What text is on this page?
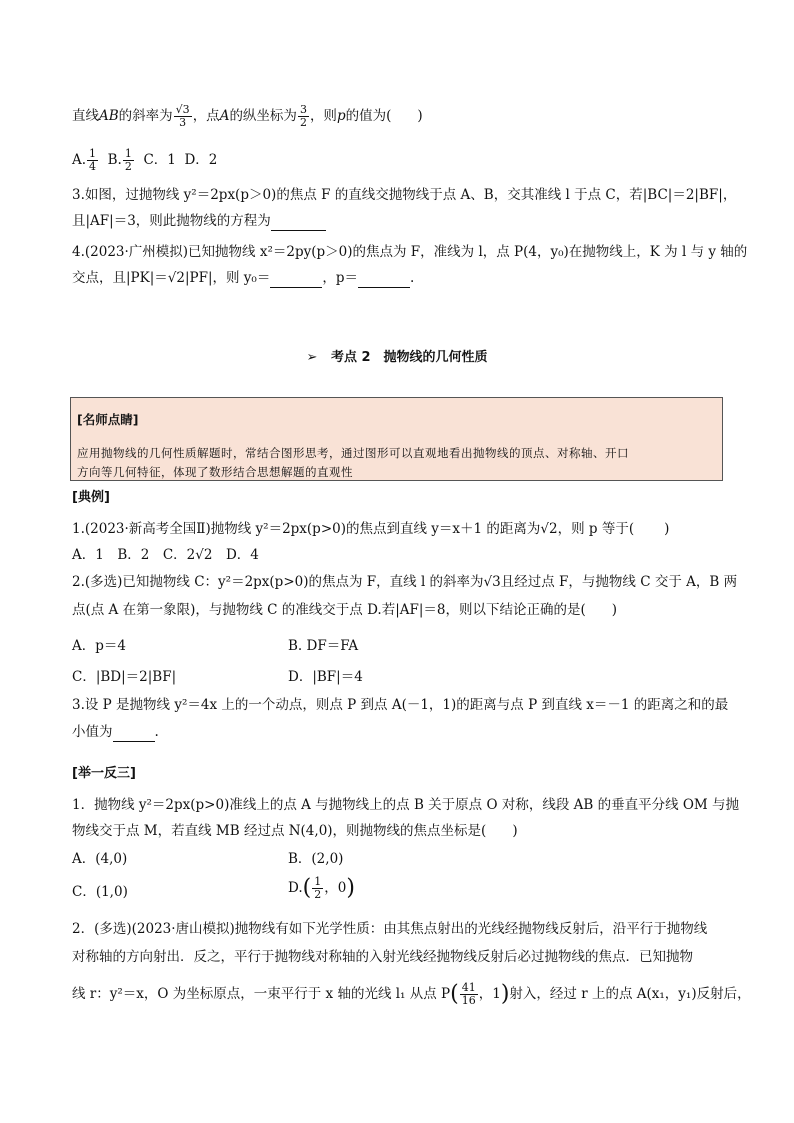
直线AB的斜率为 $\frac{√3}{3}$ ，点A的纵坐标为 $\frac{3}{2}$ ，则p的值为( )
A. $\frac{1}{4} B$. $\frac{1}{2}$ C．1 D．2
3.如图，过抛物线 y²＝2px(p＞0)的焦点 F 的直线交抛物线于点 A、B，交其准线 l 于点 C，若|BC|＝2|BF|，
且|AF|＝3，则此抛物线的方程为
4.(2023·广州模拟)已知抛物线 x²＝2py(p＞0)的焦点为 F，准线为 l，点 P(4，y₀)在抛物线上，K 为 l 与 y 轴的
交点，且|PK|＝√2|PF|，则 y₀＝	，p＝	.
➢ 考点 2　抛物线的几何性质
[名师点睛]
应用抛物线的几何性质解题时，常结合图形思考，通过图形可以直观地看出抛物线的顶点、对称轴、开口
方向等几何特征，体现了数形结合思想解题的直观性
[典例]
1.(2023·新高考全国Ⅱ)抛物线 y²＝2px(p>0)的焦点到直线 y＝x＋1 的距离为√2，则 p 等于( )
A．1　B．2　C．2√2　D．4
2.(多选)已知抛物线 C：y²＝2px(p>0)的焦点为 F，直线 l 的斜率为√3且经过点 F，与抛物线 C 交于 A，B 两
点(点 A 在第一象限)，与抛物线 C 的准线交于点 D.若|AF|＝8，则以下结论正确的是( )
A．p＝4	B. DF＝FA
C．|BD|＝2|BF|	D．|BF|＝4
3.设 P 是抛物线 y²＝4x 上的一个动点，则点 P 到点 A(－1，1)的距离与点 P 到直线 x＝－1 的距离之和的最
小值为	.
[举一反三]
1．抛物线 y²＝2px(p>0)准线上的点 A 与抛物线上的点 B 关于原点 O 对称，线段 AB 的垂直平分线 OM 与抛
物线交于点 M，若直线 MB 经过点 N(4,0)，则抛物线的焦点坐标是( )
A．(4,0)	B．(2,0)
C．(1,0)	$D.( \frac{1}{2}$ ，0)
2．(多选)(2023·唐山模拟)抛物线有如下光学性质：由其焦点射出的光线经抛物线反射后，沿平行于抛物线
对称轴的方向射出．反之，平行于抛物线对称轴的入射光线经抛物线反射后必过抛物线的焦点．已知抛物
线 r：y²＝x，O 为坐标原点，一束平行于 x 轴的光线 l₁ 从点 $P( \frac{41}{16}$ ，1)射入，经过 r 上的点 A(x₁，y₁)反射后，
